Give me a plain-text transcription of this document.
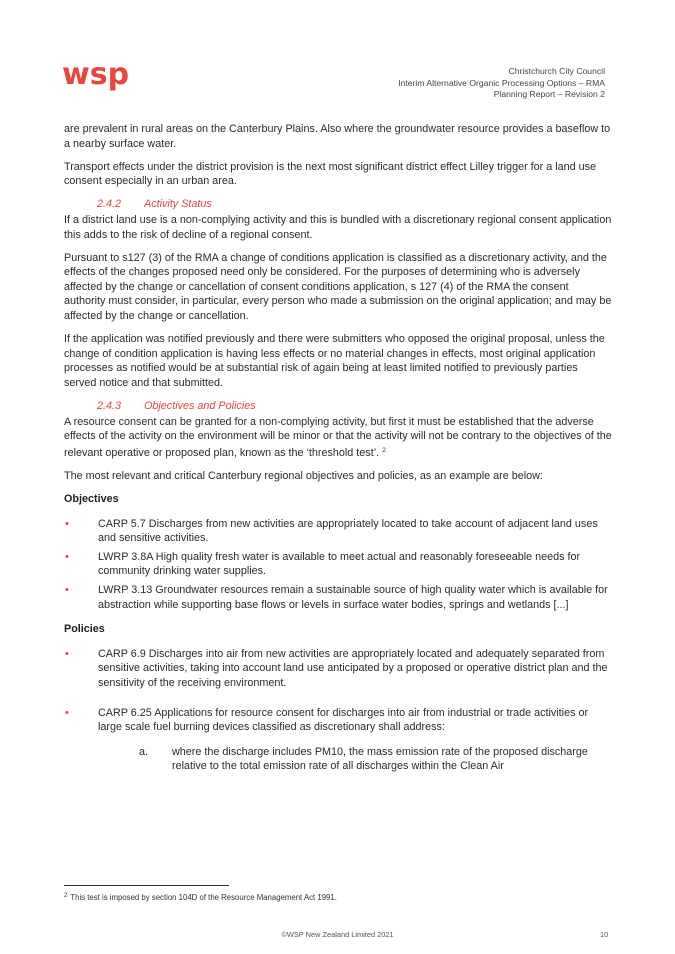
wsp	Christchurch City Council
Interim Alternative Organic Processing Options – RMA
Planning Report – Revision 2

are prevalent in rural areas on the Canterbury Plains. Also where the groundwater resource provides a baseflow to a nearby surface water.

Transport effects under the district provision is the next most significant district effect Lilley trigger for a land use consent especially in an urban area.

2.4.2 Activity Status

If a district land use is a non-complying activity and this is bundled with a discretionary regional consent application this adds to the risk of decline of a regional consent.

Pursuant to s127 (3) of the RMA a change of conditions application is classified as a discretionary activity, and the effects of the changes proposed need only be considered. For the purposes of determining who is adversely affected by the change or cancellation of consent conditions application, s 127 (4) of the RMA the consent authority must consider, in particular, every person who made a submission on the original application; and may be affected by the change or cancellation.

If the application was notified previously and there were submitters who opposed the original proposal, unless the change of condition application is having less effects or no material changes in effects, most original application processes as notified would be at substantial risk of again being at least limited notified to previously parties served notice and that submitted.

2.4.3 Objectives and Policies

A resource consent can be granted for a non-complying activity, but first it must be established that the adverse effects of the activity on the environment will be minor or that the activity will not be contrary to the objectives of the relevant operative or proposed plan, known as the ‘threshold test’. $^2$

The most relevant and critical Canterbury regional objectives and policies, as an example are below:

Objectives
•	CARP 5.7 Discharges from new activities are appropriately located to take account of adjacent land uses and sensitive activities.
•	LWRP 3.8A High quality fresh water is available to meet actual and reasonably foreseeable needs for community drinking water supplies.
•	LWRP 3.13 Groundwater resources remain a sustainable source of high quality water which is available for abstraction while supporting base flows or levels in surface water bodies, springs and wetlands [...]
Policies
•	CARP 6.9 Discharges into air from new activities are appropriately located and adequately separated from sensitive activities, taking into account land use anticipated by a proposed or operative district plan and the sensitivity of the receiving environment.
•	CARP 6.25 Applications for resource consent for discharges into air from industrial or trade activities or large scale fuel burning devices classified as discretionary shall address:
a. where the discharge includes PM10, the mass emission rate of the proposed discharge relative to the total emission rate of all discharges within the Clean Air
$^2$ This test is imposed by section 104D of the Resource Management Act 1991.
©WSP New Zealand Limited 2021	10
